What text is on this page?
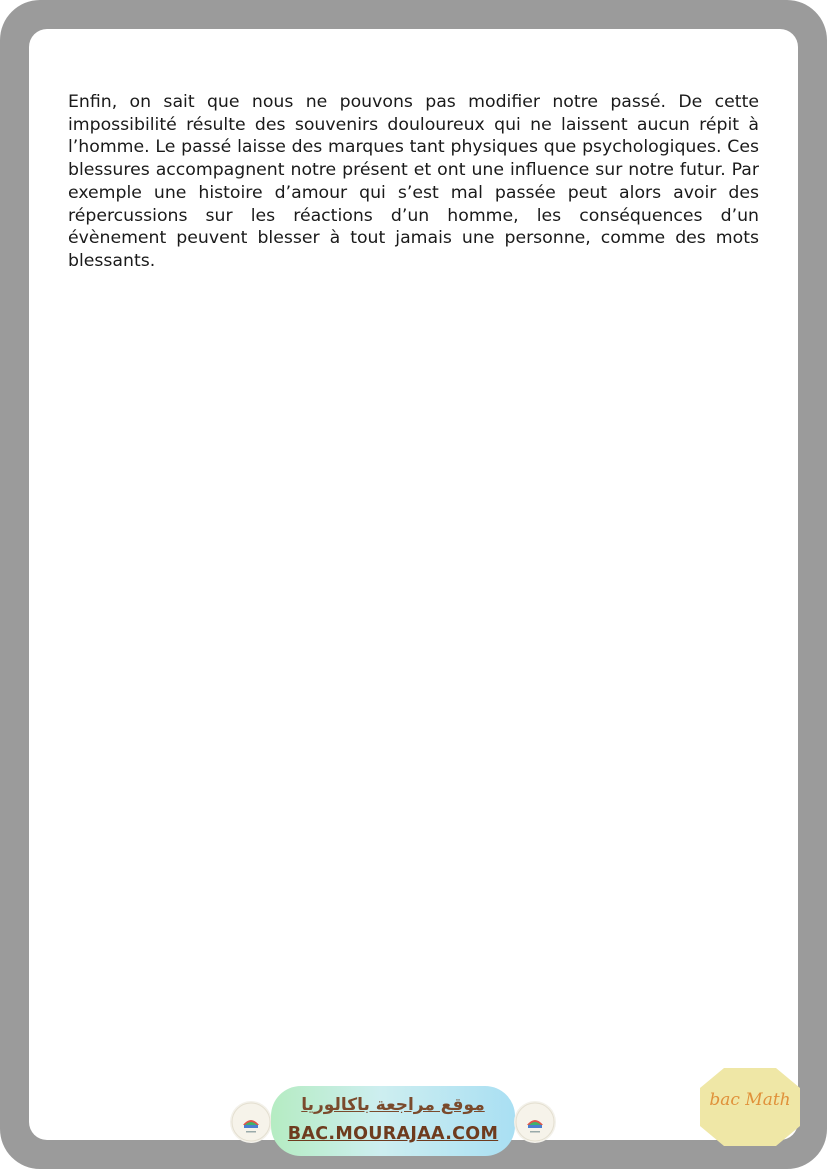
Enfin, on sait que nous ne pouvons pas modifier notre passé. De cette impossibilité résulte des souvenirs douloureux qui ne laissent aucun répit à l’homme. Le passé laisse des marques tant physiques que psychologiques. Ces blessures accompagnent notre présent et ont une influence sur notre futur. Par exemple une histoire d’amour qui s’est mal passée peut alors avoir des répercussions sur les réactions d’un homme, les conséquences d’un évènement peuvent blesser à tout jamais une personne, comme des mots blessants.

موقع مراجعة باكالوريا
BAC.MOURAJAA.COM
bac Math
